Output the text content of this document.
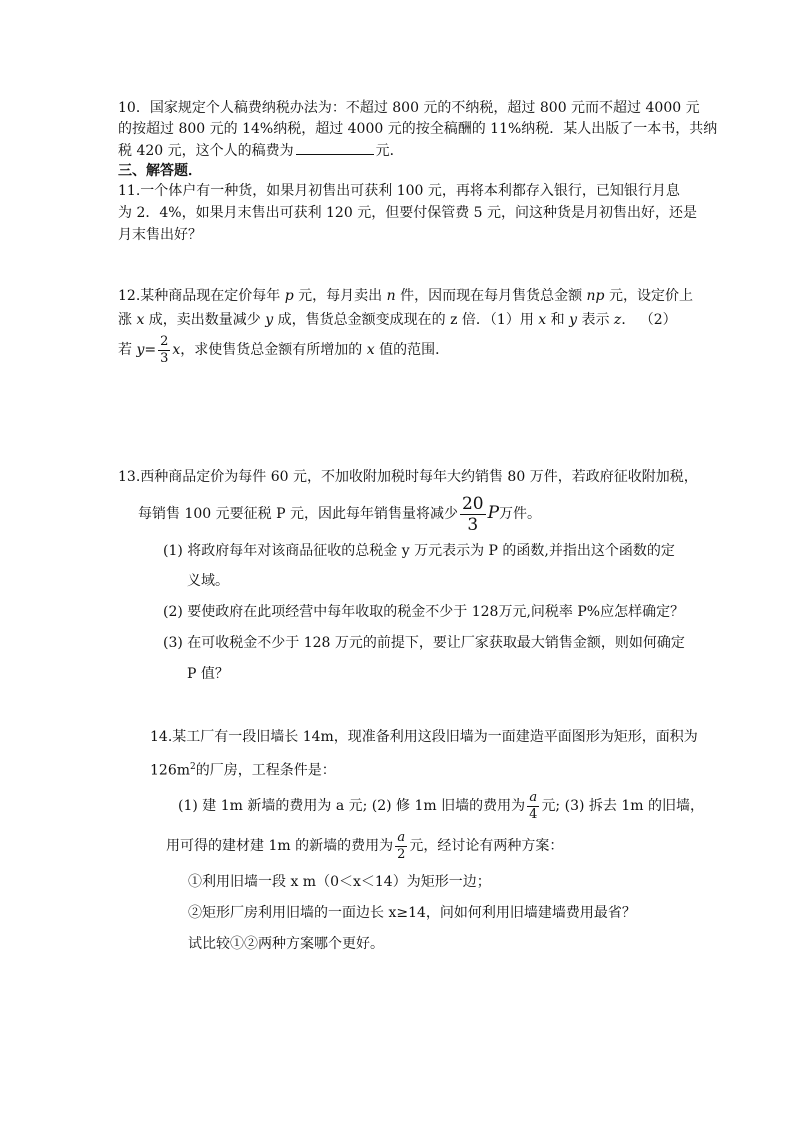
10．国家规定个人稿费纳税办法为：不超过 800 元的不纳税，超过 800 元而不超过 4000 元
的按超过 800 元的 14%纳税，超过 4000 元的按全稿酬的 11%纳税．某人出版了一本书，共纳
税 420 元，这个人的稿费为	元．
三、解答题．
11.一个体户有一种货，如果月初售出可获利 100 元，再将本利都存入银行，已知银行月息
为 2．4%，如果月末售出可获利 120 元，但要付保管费 5 元，问这种货是月初售出好，还是
月末售出好？
12.某种商品现在定价每年 p 元，每月卖出 n 件，因而现在每月售货总金额 np 元，设定价上
涨 x 成，卖出数量减少 y 成，售货总金额变成现在的 z 倍．（1）用 x 和 y 表示 z． （2）
若 $y= \frac{2}{3}$ x，求使售货总金额有所增加的 x 值的范围．
13.西种商品定价为每件 60 元，不加收附加税时每年大约销售 80 万件，若政府征收附加税，
每销售 100 元要征税 P 元，因此每年销售量将减少 $\frac{20}{3}$ P万件。
(1) 将政府每年对该商品征收的总税金 y 万元表示为 P 的函数,并指出这个函数的定
义域。
(2) 要使政府在此项经营中每年收取的税金不少于 128万元,问税率 P%应怎样确定？
(3) 在可收税金不少于 128 万元的前提下，要让厂家获取最大销售金额，则如何确定
P 值？
14.某工厂有一段旧墙长 14m，现准备利用这段旧墙为一面建造平面图形为矩形，面积为
$126m^2$的厂房，工程条件是：
(1) 建 1m 新墙的费用为 a 元; (2) 修 1m 旧墙的费用为 $\frac{a}{4}$ 元; (3) 拆去 1m 的旧墙，
用可得的建材建 1m 的新墙的费用为 $\frac{a}{2}$ 元，经讨论有两种方案：
①利用旧墙一段 x m（0＜x＜14）为矩形一边；
②矩形厂房利用旧墙的一面边长 x≥14，问如何利用旧墙建墙费用最省？
试比较①②两种方案哪个更好。
